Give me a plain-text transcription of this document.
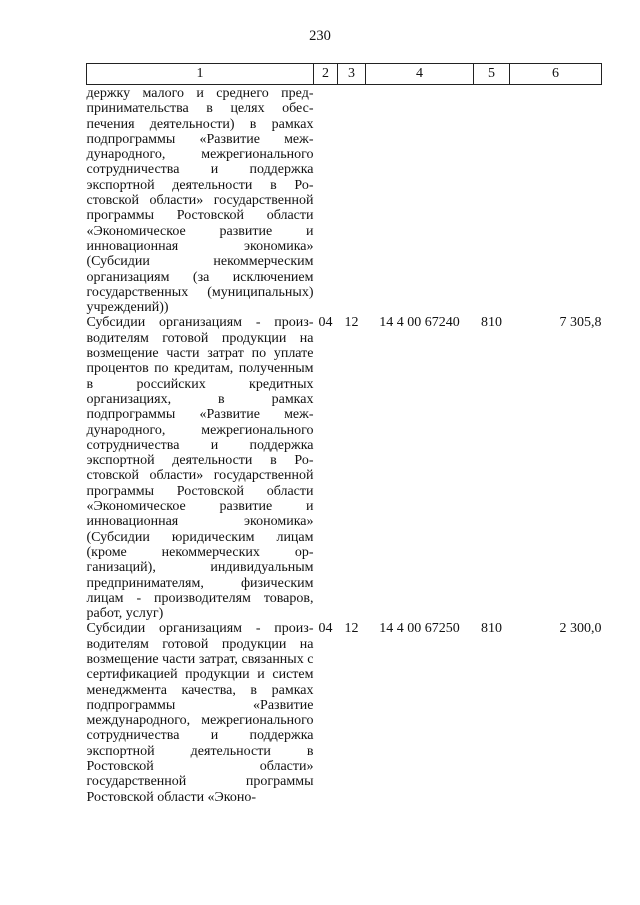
230
1	2	3	4	5	6
держку малого и среднего предпринимательства в целях обеспечения деятельности) в рамках подпрограммы «Развитие международного, межрегионального сотрудничества и поддержка экспортной деятельности в Ростовской области» государственной программы Ростовской области «Экономическое развитие и инновационная экономика» (Субсидии некоммерческим организациям (за исключением государственных (муниципальных) учреждений))					
Субсидии организациям - производителям готовой продукции на возмещение части затрат по уплате процентов по кредитам, полученным в российских кредитных организациях, в рамках подпрограммы «Развитие международного, межрегионального сотрудничества и поддержка экспортной деятельности в Ростовской области» государственной программы Ростовской области «Экономическое развитие и инновационная экономика» (Субсидии юридическим лицам (кроме некоммерческих организаций), индивидуальным предпринимателям, физическим лицам - производителям товаров, работ, услуг)	04	12	14 4 00 67240	810	7 305,8
Субсидии организациям - производителям готовой продукции на возмещение части затрат, связанных с сертификацией продукции и систем менеджмента качества, в рамках подпрограммы «Развитие международного, межрегионального сотрудничества и поддержка экспортной деятельности в Ростовской области» государственной программы Ростовской области «Эконо-	04	12	14 4 00 67250	810	2 300,0
